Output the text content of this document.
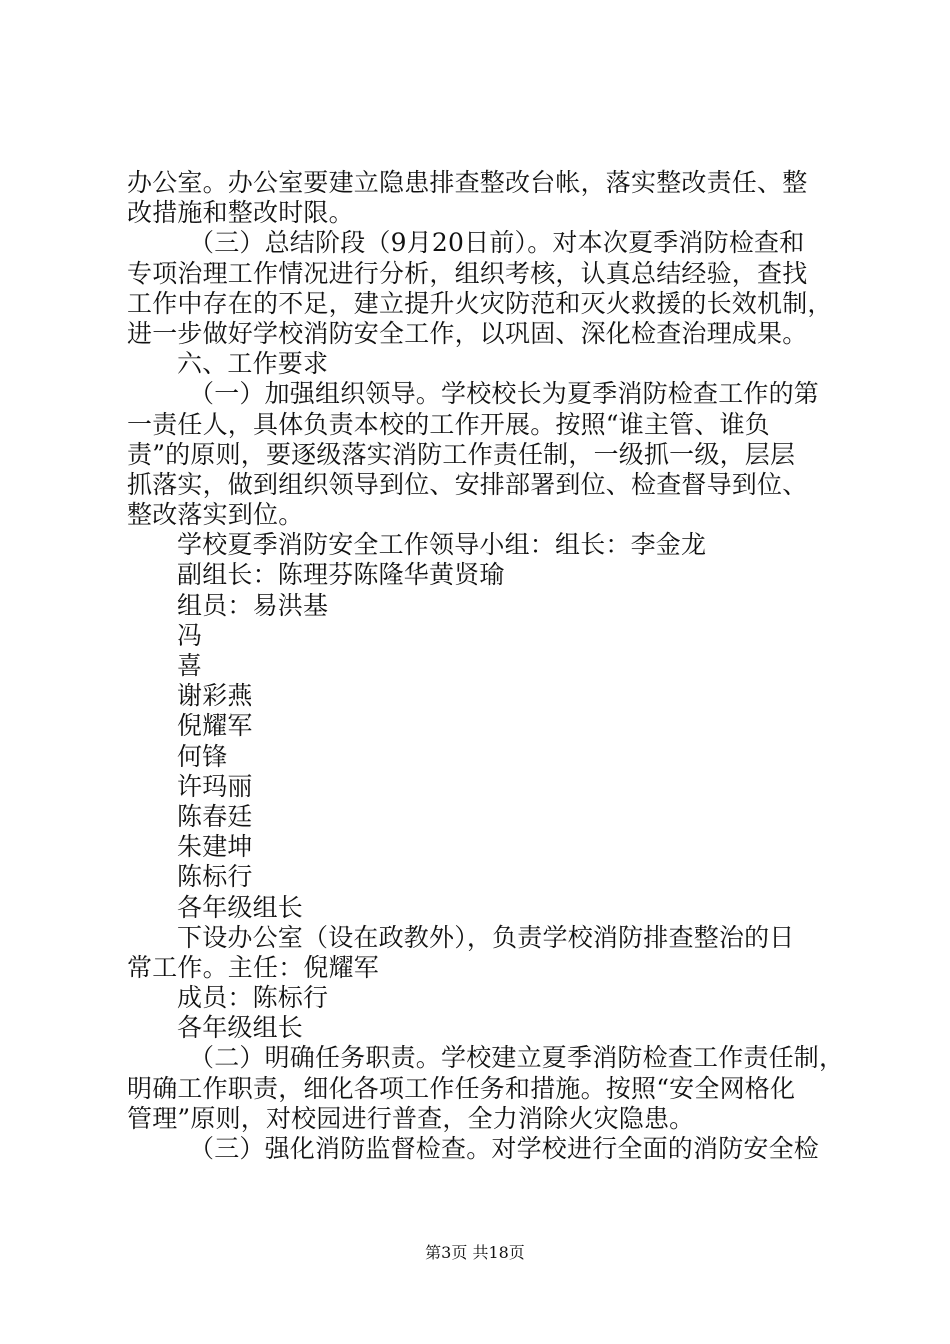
办公室。办公室要建立隐患排查整改台帐，落实整改责任、整
改措施和整改时限。
（三）总结阶段（9月20日前）。对本次夏季消防检查和
专项治理工作情况进行分析，组织考核，认真总结经验，查找
工作中存在的不足，建立提升火灾防范和灭火救援的长效机制，
进一步做好学校消防安全工作，以巩固、深化检查治理成果。
六、工作要求
（一）加强组织领导。学校校长为夏季消防检查工作的第
一责任人，具体负责本校的工作开展。按照“谁主管、谁负
责”的原则，要逐级落实消防工作责任制，一级抓一级，层层
抓落实，做到组织领导到位、安排部署到位、检查督导到位、
整改落实到位。
学校夏季消防安全工作领导小组：组长：李金龙
副组长：陈理芬陈隆华黄贤瑜
组员：易洪基
冯
喜
谢彩燕
倪耀军
何锋
许玛丽
陈春廷
朱建坤
陈标行
各年级组长
下设办公室（设在政教外），负责学校消防排查整治的日
常工作。主任：倪耀军
成员：陈标行
各年级组长
（二）明确任务职责。学校建立夏季消防检查工作责任制，
明确工作职责，细化各项工作任务和措施。按照“安全网格化
管理”原则，对校园进行普查，全力消除火灾隐患。
（三）强化消防监督检查。对学校进行全面的消防安全检
第3页 共18页
